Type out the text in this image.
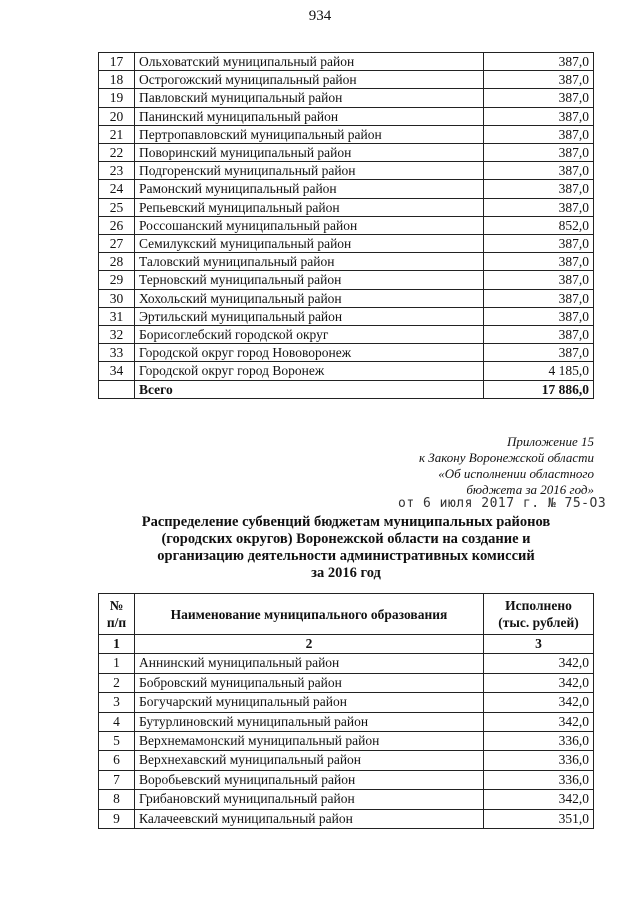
934
17	Ольховатский муниципальный район	387,0
18	Острогожский муниципальный район	387,0
19	Павловский муниципальный район	387,0
20	Панинский муниципальный район	387,0
21	Пертропавловский муниципальный район	387,0
22	Поворинский муниципальный район	387,0
23	Подгоренский муниципальный район	387,0
24	Рамонский муниципальный район	387,0
25	Репьевский муниципальный район	387,0
26	Россошанский муниципальный район	852,0
27	Семилукский муниципальный район	387,0
28	Таловский муниципальный район	387,0
29	Терновский муниципальный район	387,0
30	Хохольский муниципальный район	387,0
31	Эртильский муниципальный район	387,0
32	Борисоглебский городской округ	387,0
33	Городской округ город Нововоронеж	387,0
34	Городской округ город Воронеж	4 185,0
	Всего	17 886,0
Приложение 15
к Закону Воронежской области
«Об исполнении областного
бюджета за 2016 год»
от 6 июля 2017 г. № 75-ОЗ
Распределение субвенций бюджетам муниципальных районов
(городских округов) Воронежской области на создание и
организацию деятельности административных комиссий
за 2016 год
№ п/п	Наименование муниципального образования	Исполнено (тыс. рублей)
1	2	3
1	Аннинский муниципальный район	342,0
2	Бобровский муниципальный район	342,0
3	Богучарский муниципальный район	342,0
4	Бутурлиновский муниципальный район	342,0
5	Верхнемамонский муниципальный район	336,0
6	Верхнехавский муниципальный район	336,0
7	Воробьевский муниципальный район	336,0
8	Грибановский муниципальный район	342,0
9	Калачеевский муниципальный район	351,0
